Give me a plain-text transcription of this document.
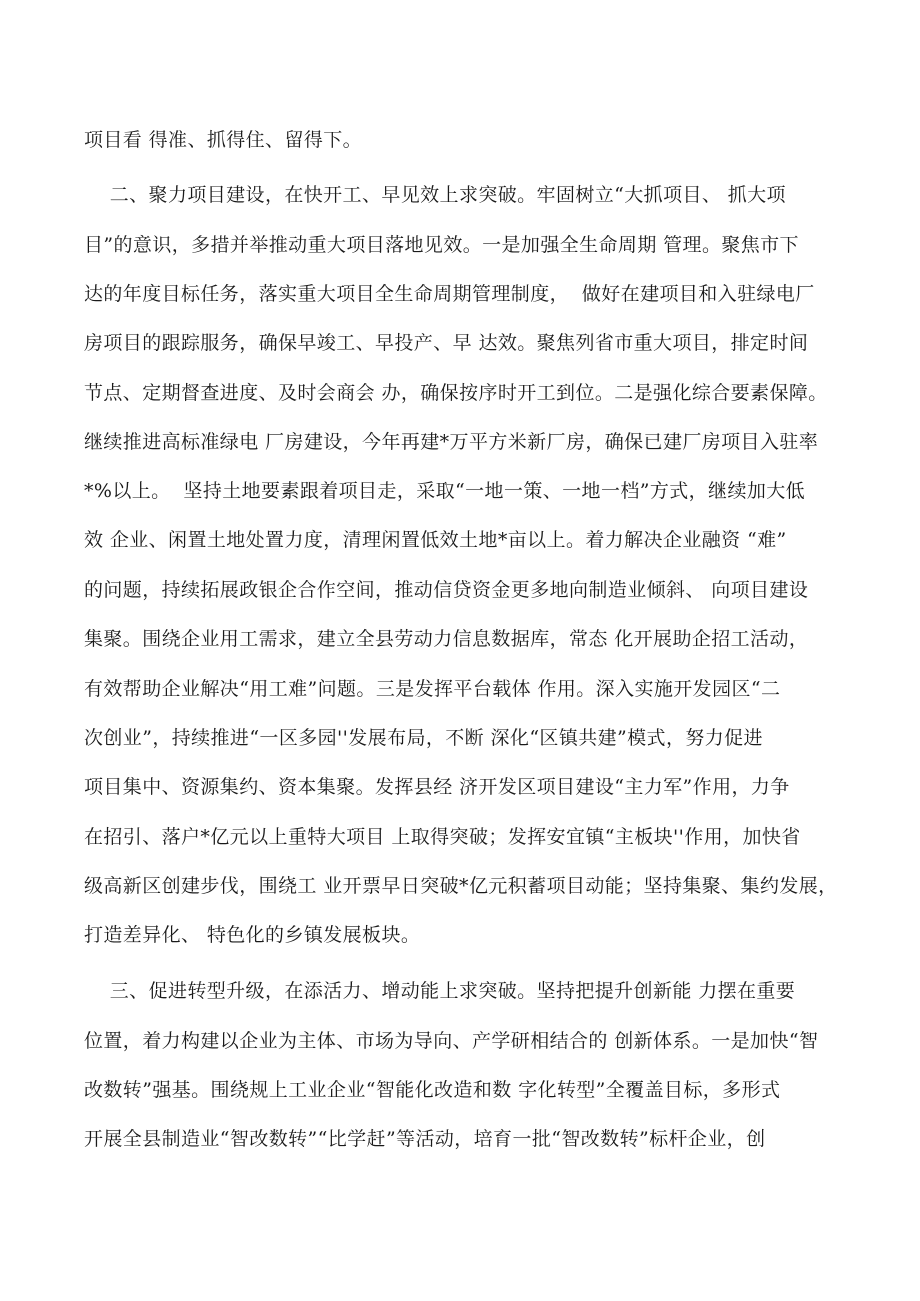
项目看 得准、抓得住、留得下。
二、聚力项目建设，在快开工、早见效上求突破。牢固树立“大抓项目、 抓大项
目”的意识，多措并举推动重大项目落地见效。一是加强全生命周期 管理。聚焦市下
达的年度目标任务，落实重大项目全生命周期管理制度，  做好在建项目和入驻绿电厂
房项目的跟踪服务，确保早竣工、早投产、早 达效。聚焦列省市重大项目，排定时间
节点、定期督查进度、及时会商会 办，确保按序时开工到位。二是强化综合要素保障。
继续推进高标准绿电 厂房建设，今年再建*万平方米新厂房，确保已建厂房项目入驻率
*%以上。  坚持土地要素跟着项目走，采取“一地一策、一地一档”方式，继续加大低
效 企业、闲置土地处置力度，清理闲置低效土地*亩以上。着力解决企业融资 “难”
的问题，持续拓展政银企合作空间，推动信贷资金更多地向制造业倾斜、 向项目建设
集聚。围绕企业用工需求，建立全县劳动力信息数据库，常态 化开展助企招工活动，
有效帮助企业解决“用工难”问题。三是发挥平台载体 作用。深入实施开发园区“二
次创业”，持续推进“一区多园''发展布局，不断 深化“区镇共建”模式，努力促进
项目集中、资源集约、资本集聚。发挥县经 济开发区项目建设“主力军”作用，力争
在招引、落户*亿元以上重特大项目 上取得突破；发挥安宜镇“主板块''作用，加快省
级高新区创建步伐，围绕工 业开票早日突破*亿元积蓄项目动能；坚持集聚、集约发展，
打造差异化、 特色化的乡镇发展板块。
三、促进转型升级，在添活力、增动能上求突破。坚持把提升创新能 力摆在重要
位置，着力构建以企业为主体、市场为导向、产学研相结合的 创新体系。一是加快“智
改数转”强基。围绕规上工业企业“智能化改造和数 字化转型”全覆盖目标，多形式
开展全县制造业“智改数转”“比学赶”等活动，培育一批“智改数转”标杆企业，创
